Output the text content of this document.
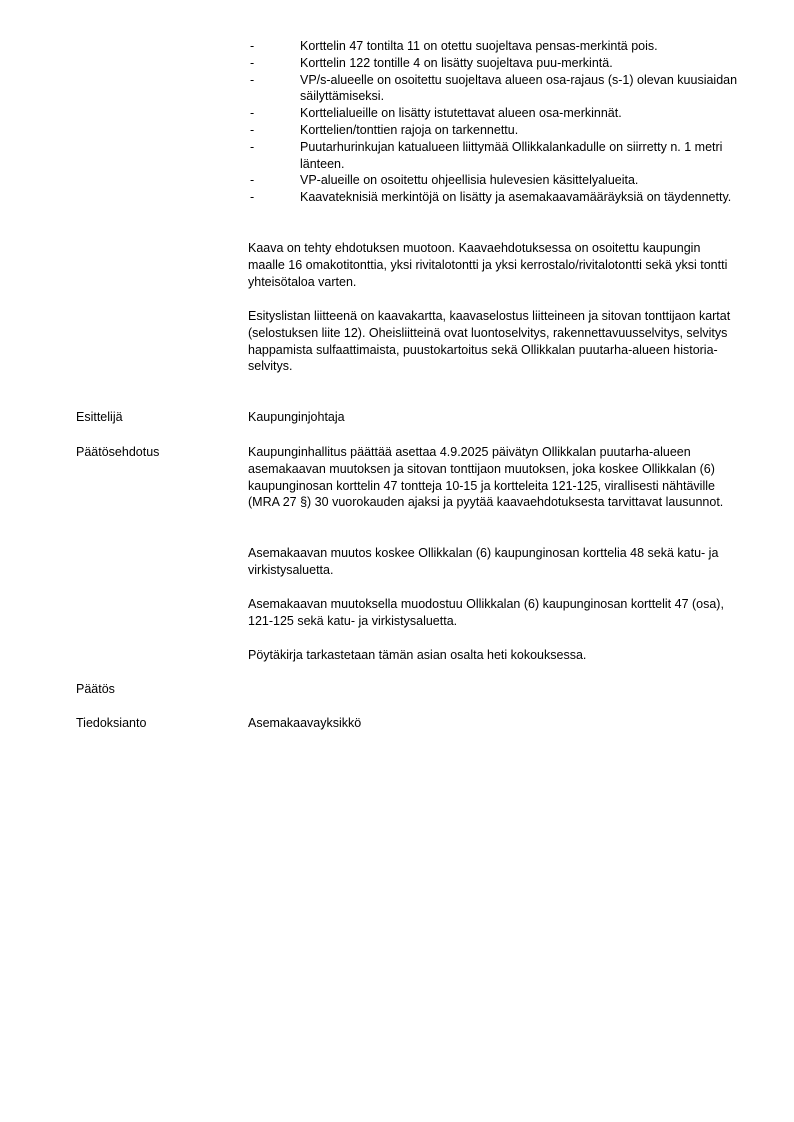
-	Korttelin 47 tontilta 11 on otettu suojeltava pensas-merkintä pois.
-	Korttelin 122 tontille 4 on lisätty suojeltava puu-merkintä.
-	VP/s-alueelle on osoitettu suojeltava alueen osa-rajaus (s-1) olevan kuusiaidan säilyttämiseksi.
-	Korttelialueille on lisätty istutettavat alueen osa-merkinnät.
-	Korttelien/tonttien rajoja on tarkennettu.
-	Puutarhurinkujan katualueen liittymää Ollikkalankadulle on siirretty n. 1 metri länteen.
-	VP-alueille on osoitettu ohjeellisia hulevesien käsittelyalueita.
-	Kaavateknisiä merkintöjä on lisätty ja asemakaavamääräyksiä on täydennetty.

Kaava on tehty ehdotuksen muotoon. Kaavaehdotuksessa on osoitettu kaupungin maalle 16 omakotitonttia, yksi rivitalotontti ja yksi kerrostalo/rivitalotontti sekä yksi tontti yhteisötaloa varten.

Esityslistan liitteenä on kaavakartta, kaavaselostus liitteineen ja sitovan tonttijaon kartat (selostuksen liite 12). Oheisliitteinä ovat luontoselvitys, rakennettavuusselvitys, selvitys happamista sulfaattimaista, puustokartoitus sekä Ollikkalan puutarha-alueen historia-selvitys.

Esittelijä	Kaupunginjohtaja

Päätösehdotus	Kaupunginhallitus päättää asettaa 4.9.2025 päivätyn Ollikkalan puutarha-alueen asemakaavan muutoksen ja sitovan tonttijaon muutoksen, joka koskee Ollikkalan (6) kaupunginosan korttelin 47 tontteja 10-15 ja kortteleita 121-125, virallisesti nähtäville (MRA 27 §) 30 vuorokauden ajaksi ja pyytää kaavaehdotuksesta tarvittavat lausunnot.

Asemakaavan muutos koskee Ollikkalan (6) kaupunginosan korttelia 48 sekä katu- ja virkistysaluetta.

Asemakaavan muutoksella muodostuu Ollikkalan (6) kaupunginosan korttelit 47 (osa), 121-125 sekä katu- ja virkistysaluetta.

Pöytäkirja tarkastetaan tämän asian osalta heti kokouksessa.

Päätös

Tiedoksianto	Asemakaavayksikkö
